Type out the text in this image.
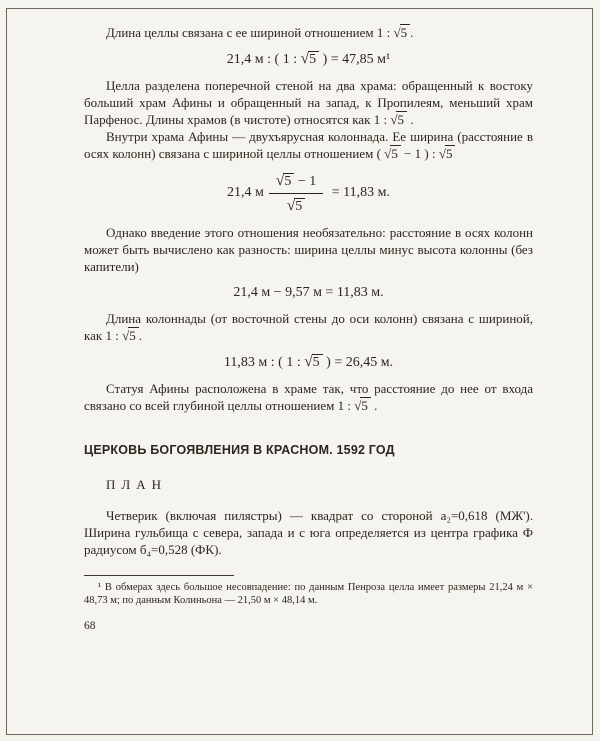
Длина целлы связана с ее шириной отношением 1 : √5 .

21,4 м : ( 1 : √5 ) = 47,85 м¹

Целла разделена поперечной стеной на два храма: обращенный к востоку больший храм Афины и обращенный на запад, к Пропилеям, меньший храм Парфенос. Длины храмов (в чистоте) относятся как 1 : √5 .

Внутри храма Афины — двухъярусная колоннада. Ее ширина (расстояние в осях колонн) связана с шириной целлы отношением ( √5 − 1 ) : √5

21,4 м $\frac{√5 - 1}{√5} = 11,83$ м.

Однако введение этого отношения необязательно: расстояние в осях колонн может быть вычислено как разность: ширина целлы минус высота колонны (без капители)

21,4 м − 9,57 м = 11,83 м.

Длина колоннады (от восточной стены до оси колонн) связана с шириной, как 1 : √5 .

11,83 м : ( 1 : √5 ) = 26,45 м.

Статуя Афины расположена в храме так, что расстояние до нее от входа связано со всей глубиной целлы отношением 1 : √5 .

ЦЕРКОВЬ БОГОЯВЛЕНИЯ В КРАСНОМ. 1592 ГОД
ПЛАН

Четверик (включая пилястры) — квадрат со стороной а₂=0,618 (МЖ'). Ширина гульбища с севера, запада и с юга определяется из центра графика Ф радиусом б₄=0,528 (ФК).

¹ В обмерах здесь большое несовпадение: по данным Пенроза целла имеет размеры 21,24 м × 48,73 м; по данным Колиньона — 21,50 м × 48,14 м.

68
